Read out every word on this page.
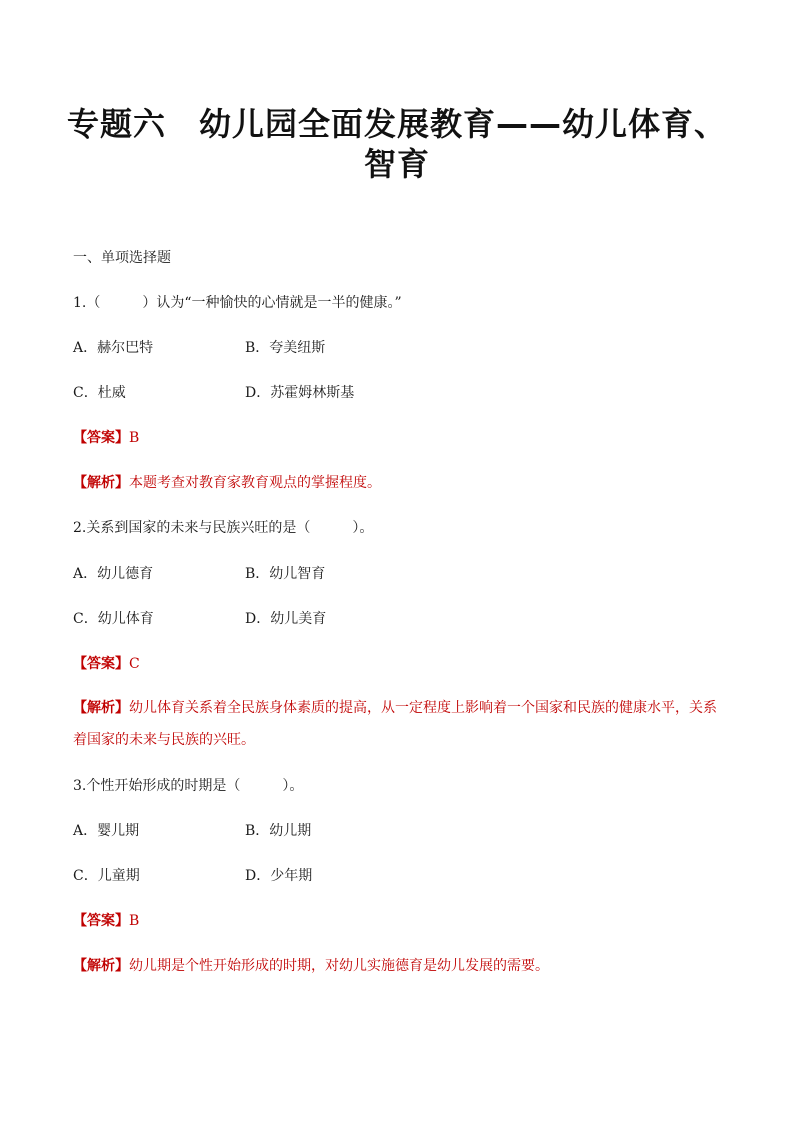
专题六　幼儿园全面发展教育——幼儿体育、
智育
一、单项选择题
1.（　　　）认为“一种愉快的心情就是一半的健康。”
A．赫尔巴特	B．夸美纽斯
C．杜威	D．苏霍姆林斯基
【答案】B
【解析】本题考查对教育家教育观点的掌握程度。
2.关系到国家的未来与民族兴旺的是（　　　）。
A．幼儿德育	B．幼儿智育
C．幼儿体育	D．幼儿美育
【答案】C
【解析】幼儿体育关系着全民族身体素质的提高，从一定程度上影响着一个国家和民族的健康水平，关系着国家的未来与民族的兴旺。
3.个性开始形成的时期是（　　　）。
A．婴儿期	B．幼儿期
C．儿童期	D．少年期
【答案】B
【解析】幼儿期是个性开始形成的时期，对幼儿实施德育是幼儿发展的需要。
